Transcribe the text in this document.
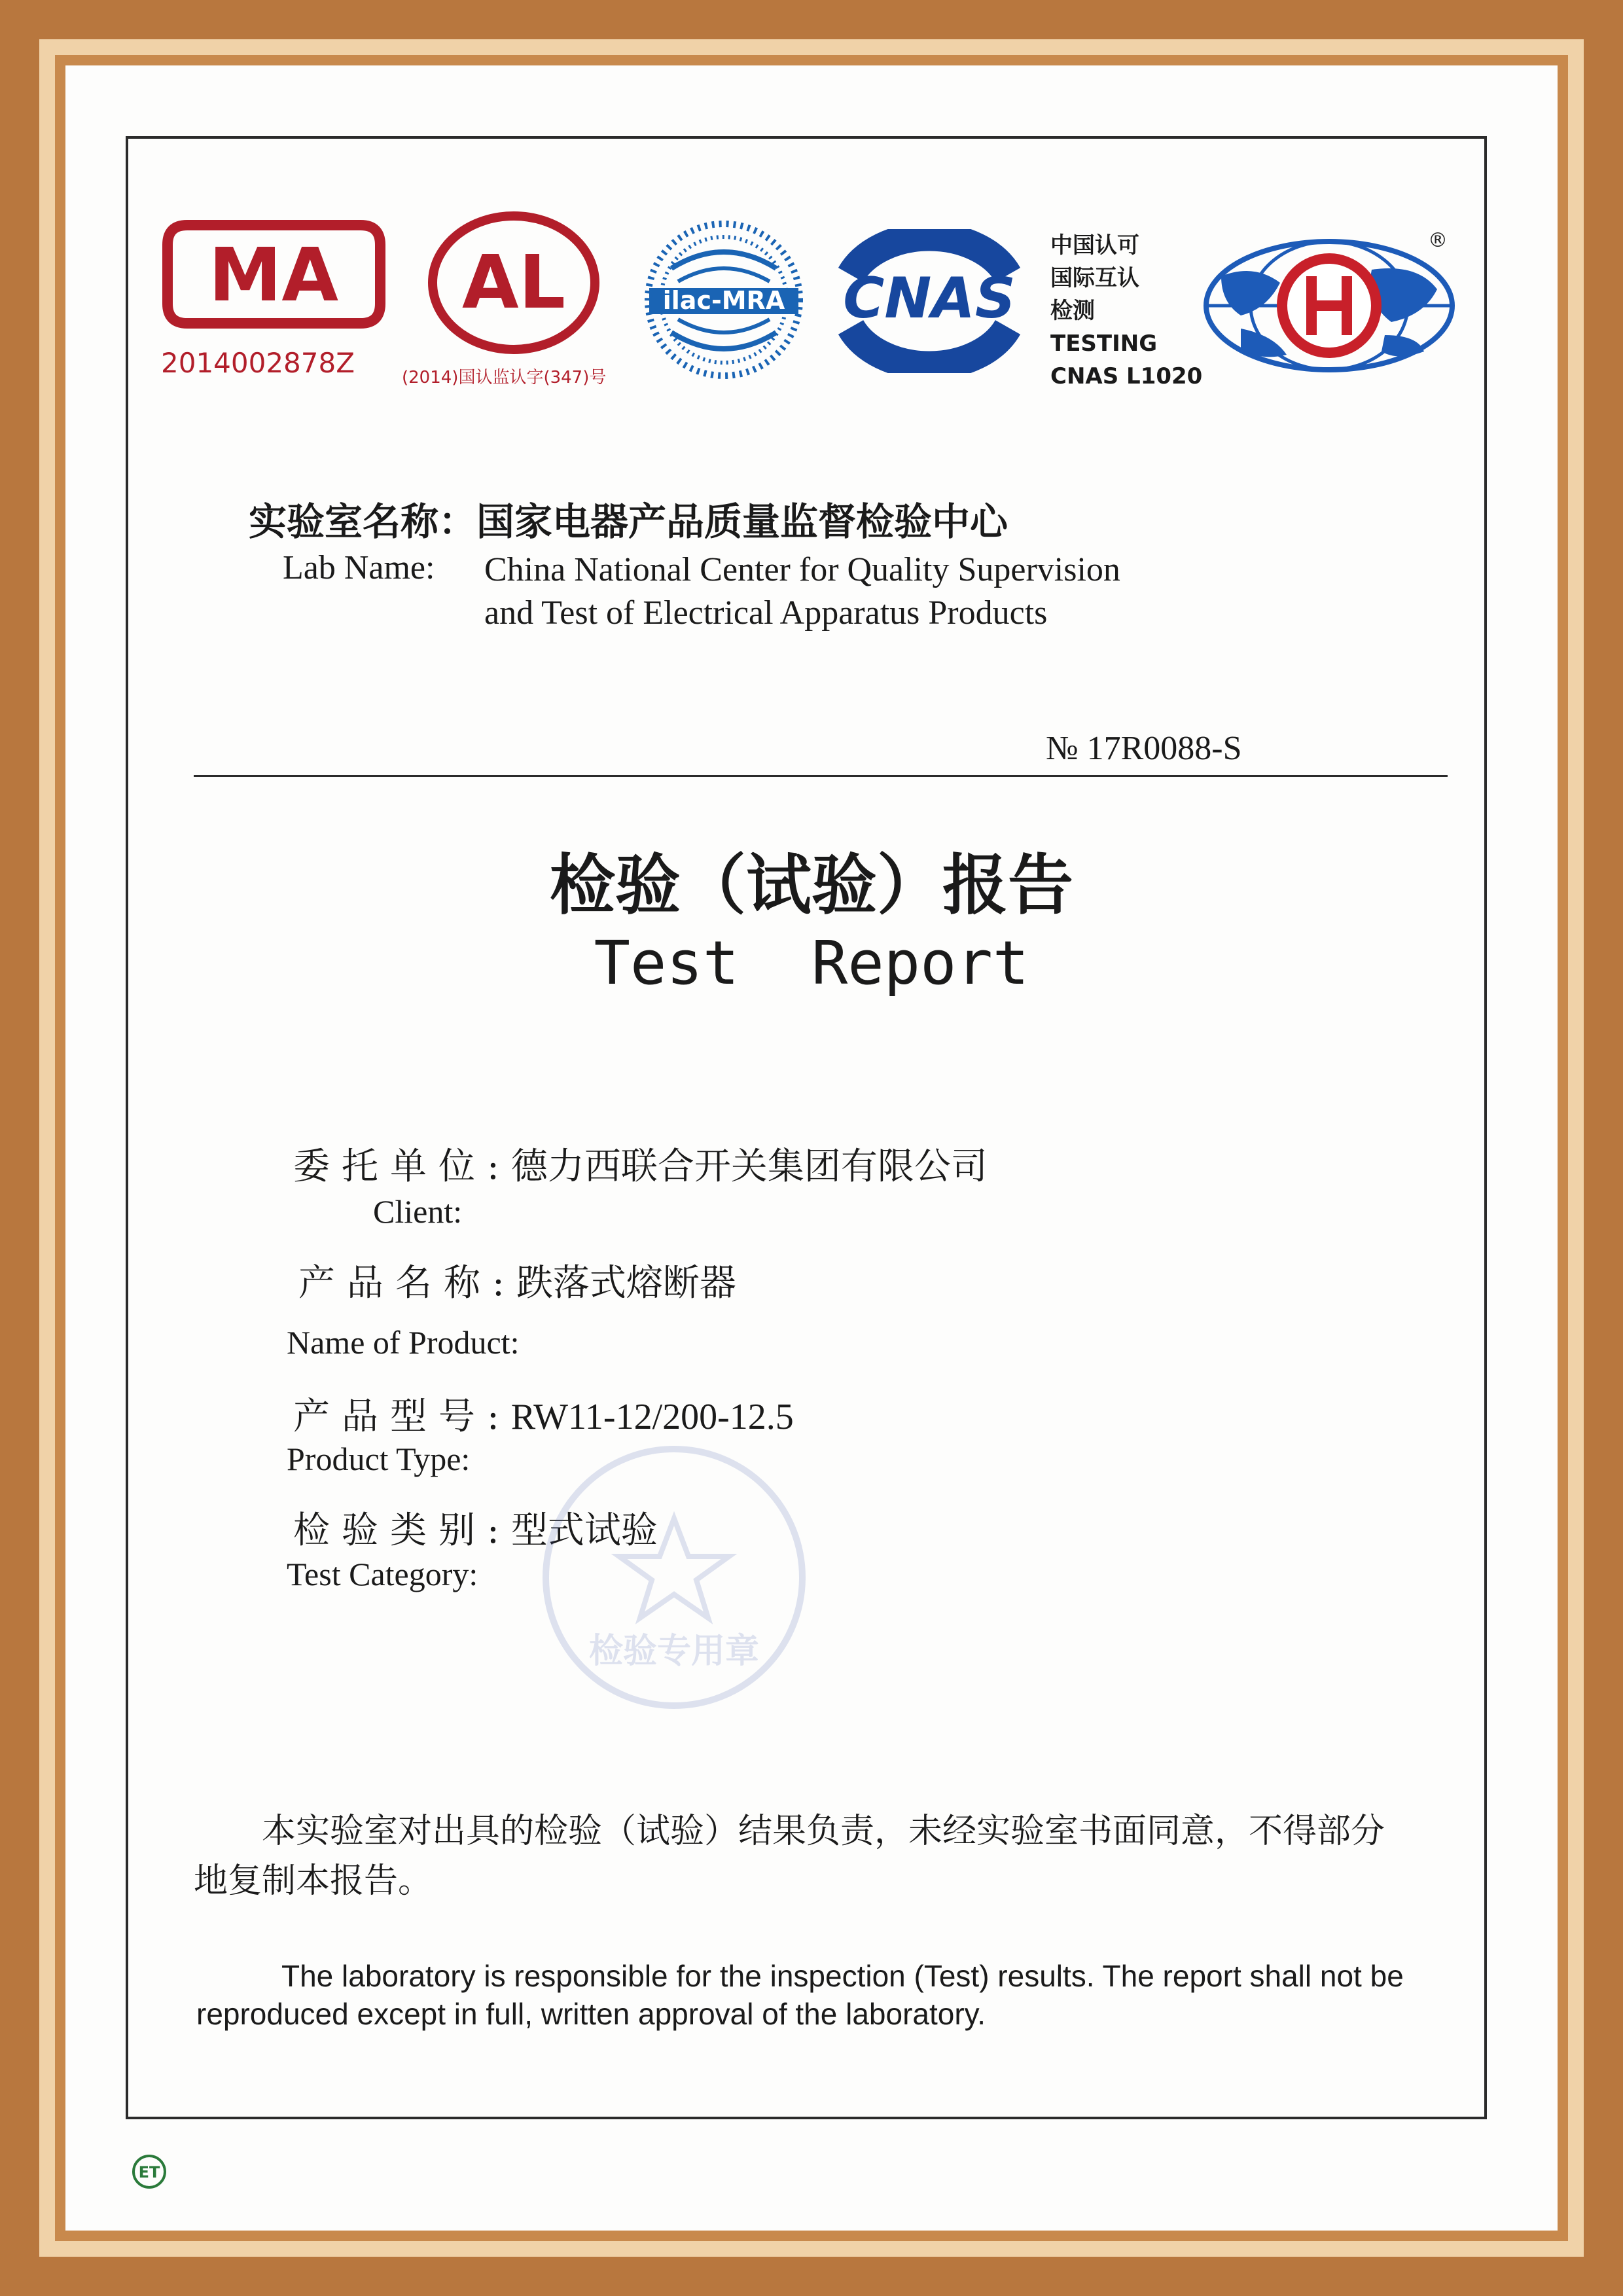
MA
2014002878Z
AL
(2014)国认监认字(347)号
ilac-MRA CNAS
中国认可
国际互认
检测
TESTING
CNAS L1020
®
实验室名称：国家电器产品质量监督检验中心
Lab Name: China National Center for Quality Supervision
and Test of Electrical Apparatus Products
№ 17R0088-S
检验（试验）报告
Test  Report
委托单位:德力西联合开关集团有限公司
Client:
产品名称:跌落式熔断器
Name of Product:
产品型号:RW11-12/200-12.5
Product Type:
检验类别:型式试验
Test Category:
检验专用章
本实验室对出具的检验（试验）结果负责，未经实验室书面同意，不得部分地复制本报告。
The laboratory is responsible for the inspection (Test) results. The report shall not be reproduced except in full, written approval of the laboratory.
ET
